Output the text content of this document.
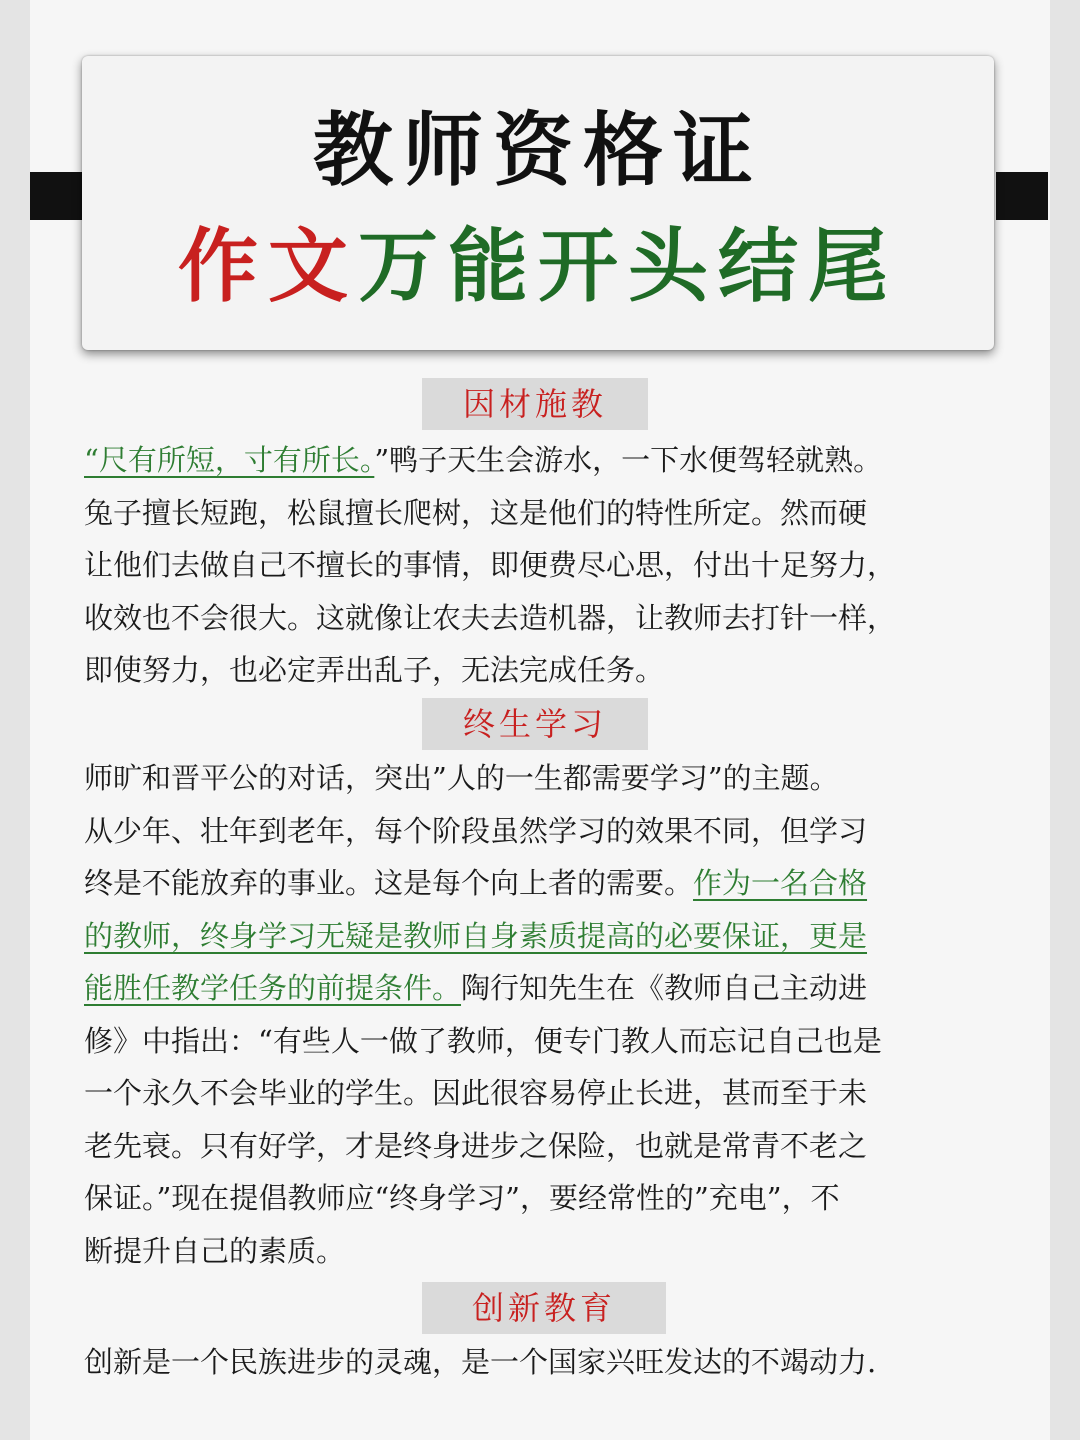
教师资格证
作文万能开头结尾
因材施教
“尺有所短，寸有所长。”鸭子天生会游水，一下水便驾轻就熟。
兔子擅长短跑，松鼠擅长爬树，这是他们的特性所定。然而硬
让他们去做自己不擅长的事情，即便费尽心思，付出十足努力，
收效也不会很大。这就像让农夫去造机器，让教师去打针一样，
即使努力，也必定弄出乱子，无法完成任务。
终生学习
师旷和晋平公的对话，突出”人的一生都需要学习”的主题。
从少年、壮年到老年，每个阶段虽然学习的效果不同，但学习
终是不能放弃的事业。这是每个向上者的需要。作为一名合格
的教师，终身学习无疑是教师自身素质提高的必要保证，更是
能胜任教学任务的前提条件。陶行知先生在《教师自己主动进
修》中指出：“有些人一做了教师，便专门教人而忘记自己也是
一个永久不会毕业的学生。因此很容易停止长进，甚而至于未
老先衰。只有好学，才是终身进步之保险，也就是常青不老之
保证。”现在提倡教师应“终身学习”，要经常性的”充电”，不
断提升自己的素质。
创新教育
创新是一个民族进步的灵魂，是一个国家兴旺发达的不竭动力.
